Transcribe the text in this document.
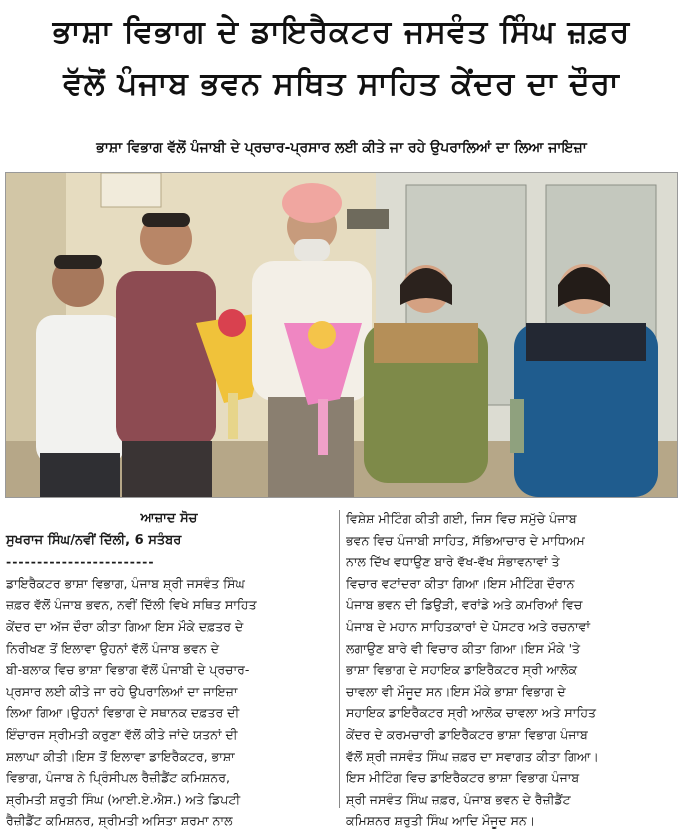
ਭਾਸ਼ਾ ਵਿਭਾਗ ਦੇ ਡਾਇਰੈਕਟਰ ਜਸਵੰਤ ਸਿੰਘ ਜ਼ਫ਼ਰ
ਵੱਲੋਂ ਪੰਜਾਬ ਭਵਨ ਸਥਿਤ ਸਾਹਿਤ ਕੇਂਦਰ ਦਾ ਦੌਰਾ
ਭਾਸ਼ਾ ਵਿਭਾਗ ਵੱਲੋਂ ਪੰਜਾਬੀ ਦੇ ਪ੍ਰਚਾਰ-ਪ੍ਰਸਾਰ ਲਈ ਕੀਤੇ ਜਾ ਰਹੇ ਉਪਰਾਲਿਆਂ ਦਾ ਲਿਆ ਜਾਇਜ਼ਾ
ਆਜ਼ਾਦ ਸੋਚ
ਸੁਖਰਾਜ ਸਿੰਘ/ਨਵੀਂ ਦਿੱਲੀ, 6 ਸਤੰਬਰ
------------------------
ਡਾਇਰੈਕਟਰ ਭਾਸ਼ਾ ਵਿਭਾਗ, ਪੰਜਾਬ ਸ਼੍ਰੀ ਜਸਵੰਤ ਸਿੰਘ
ਜ਼ਫ਼ਰ ਵੱਲੋਂ ਪੰਜਾਬ ਭਵਨ, ਨਵੀਂ ਦਿੱਲੀ ਵਿਖੇ ਸਥਿਤ ਸਾਹਿਤ
ਕੇਂਦਰ ਦਾ ਅੱਜ ਦੌਰਾ ਕੀਤਾ ਗਿਆ ਇਸ ਮੌਕੇ ਦਫ਼ਤਰ ਦੇ
ਨਿਰੀਖਣ ਤੋਂ ਇਲਾਵਾ ਉਹਨਾਂ ਵੱਲੋਂ ਪੰਜਾਬ ਭਵਨ ਦੇ
ਬੀ-ਬਲਾਕ ਵਿਚ ਭਾਸ਼ਾ ਵਿਭਾਗ ਵੱਲੋਂ ਪੰਜਾਬੀ ਦੇ ਪ੍ਰਚਾਰ-
ਪ੍ਰਸਾਰ ਲਈ ਕੀਤੇ ਜਾ ਰਹੇ ਉਪਰਾਲਿਆਂ ਦਾ ਜਾਇਜ਼ਾ
ਲਿਆ ਗਿਆ।ਉਹਨਾਂ ਵਿਭਾਗ ਦੇ ਸਥਾਨਕ ਦਫ਼ਤਰ ਦੀ
ਇੰਚਾਰਜ ਸ੍ਰੀਮਤੀ ਕਰੁਣਾ ਵੱਲੋਂ ਕੀਤੇ ਜਾਂਦੇ ਯਤਨਾਂ ਦੀ
ਸ਼ਲਾਘਾ ਕੀਤੀ।ਇਸ ਤੋਂ ਇਲਾਵਾ ਡਾਇਰੈਕਟਰ, ਭਾਸ਼ਾ
ਵਿਭਾਗ, ਪੰਜਾਬ ਨੇ ਪ੍ਰਿੰਸੀਪਲ ਰੈਜ਼ੀਡੈਂਟ ਕਮਿਸ਼ਨਰ,
ਸ਼੍ਰੀਮਤੀ ਸ਼ਰੁਤੀ ਸਿੰਘ (ਆਈ.ਏ.ਐਸ.) ਅਤੇ ਡਿਪਟੀ
ਰੈਜ਼ੀਡੈਂਟ ਕਮਿਸ਼ਨਰ, ਸ਼੍ਰੀਮਤੀ ਅਸਿਤਾ ਸ਼ਰਮਾ ਨਾਲ
ਵਿਸ਼ੇਸ਼ ਮੀਟਿੰਗ ਕੀਤੀ ਗਈ, ਜਿਸ ਵਿਚ ਸਮੁੱਚੇ ਪੰਜਾਬ
ਭਵਨ ਵਿਚ ਪੰਜਾਬੀ ਸਾਹਿਤ, ਸੱਭਿਆਚਾਰ ਦੇ ਮਾਧਿਅਮ
ਨਾਲ ਦਿੱਖ ਵਧਾਉਣ ਬਾਰੇ ਵੱਖ-ਵੱਖ ਸੰਭਾਵਨਾਵਾਂ ਤੇ
ਵਿਚਾਰ ਵਟਾਂਦਰਾ ਕੀਤਾ ਗਿਆ।ਇਸ ਮੀਟਿੰਗ ਦੌਰਾਨ
ਪੰਜਾਬ ਭਵਨ ਦੀ ਡਿਉੜੀ, ਵਰਾਂਡੇ ਅਤੇ ਕਮਰਿਆਂ ਵਿਚ
ਪੰਜਾਬ ਦੇ ਮਹਾਨ ਸਾਹਿਤਕਾਰਾਂ ਦੇ ਪੋਸਟਰ ਅਤੇ ਰਚਨਾਵਾਂ
ਲਗਾਉਣ ਬਾਰੇ ਵੀ ਵਿਚਾਰ ਕੀਤਾ ਗਿਆ।ਇਸ ਮੌਕੇ 'ਤੇ
ਭਾਸ਼ਾ ਵਿਭਾਗ ਦੇ ਸਹਾਇਕ ਡਾਇਰੈਕਟਰ ਸ੍ਰੀ ਆਲੋਕ
ਚਾਵਲਾ ਵੀ ਮੌਜੂਦ ਸਨ।ਇਸ ਮੌਕੇ ਭਾਸ਼ਾ ਵਿਭਾਗ ਦੇ
ਸਹਾਇਕ ਡਾਇਰੈਕਟਰ ਸ੍ਰੀ ਆਲੋਕ ਚਾਵਲਾ ਅਤੇ ਸਾਹਿਤ
ਕੇਂਦਰ ਦੇ ਕਰਮਚਾਰੀ ਡਾਇਰੈਕਟਰ ਭਾਸ਼ਾ ਵਿਭਾਗ ਪੰਜਾਬ
ਵੱਲੋਂ ਸ਼੍ਰੀ ਜਸਵੰਤ ਸਿੰਘ ਜ਼ਫ਼ਰ ਦਾ ਸਵਾਗਤ ਕੀਤਾ ਗਿਆ।
ਇਸ ਮੀਟਿੰਗ ਵਿਚ ਡਾਇਰੈਕਟਰ ਭਾਸ਼ਾ ਵਿਭਾਗ ਪੰਜਾਬ
ਸ਼੍ਰੀ ਜਸਵੰਤ ਸਿੰਘ ਜ਼ਫ਼ਰ, ਪੰਜਾਬ ਭਵਨ ਦੇ ਰੈਜ਼ੀਡੈਂਟ
ਕਮਿਸ਼ਨਰ ਸ਼ਰੁਤੀ ਸਿੰਘ ਆਦਿ ਮੌਜੂਦ ਸਨ।
